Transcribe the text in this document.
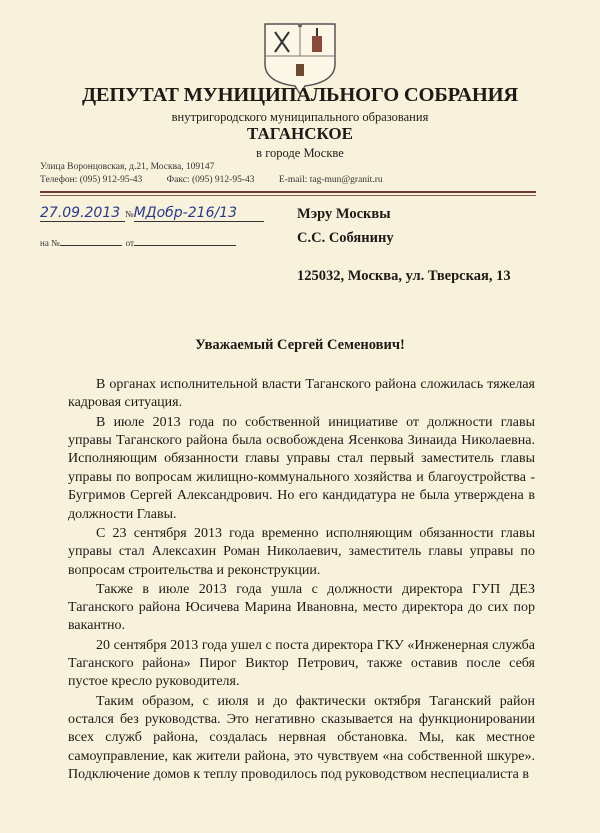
ДЕПУТАТ МУНИЦИПАЛЬНОГО СОБРАНИЯ
внутригородского муниципального образования
ТАГАНСКОЕ
в городе Москве
Улица Воронцовская, д.21, Москва, 109147
Телефон: (095) 912-95-43	Факс: (095) 912-95-43	E-mail: tag-mun@granit.ru
27.09.2013 №МДобр-216/13
на №	от
Мэру Москвы
С.С. Собянину
125032, Москва, ул. Тверская, 13
Уважаемый Сергей Семенович!
В органах исполнительной власти Таганского района сложилась тяжелая
кадровая ситуация.
В июле 2013 года по собственной инициативе от должности главы
управы Таганского района была освобождена Ясенкова Зинаида Николаевна.
Исполняющим обязанности главы управы стал первый заместитель главы
управы по вопросам жилищно-коммунального хозяйства и благоустройства -
Бугримов Сергей Александрович. Но его кандидатура не была утверждена в
должности Главы.
С 23 сентября 2013 года временно исполняющим обязанности главы
управы стал Алексахин Роман Николаевич, заместитель главы управы по
вопросам строительства и реконструкции.
Также в июле 2013 года ушла с должности директора ГУП ДЕЗ
Таганского района Юсичева Марина Ивановна, место директора до сих пор
вакантно.
20 сентября 2013 года ушел с поста директора ГКУ «Инженерная служба
Таганского района» Пирог Виктор Петрович, также оставив после себя
пустое кресло руководителя.
Таким образом, с июля и до фактически октября Таганский район
остался без руководства. Это негативно сказывается на функционировании
всех служб района, создалась нервная обстановка. Мы, как местное
самоуправление, как жители района, это чувствуем «на собственной шкуре».
Подключение домов к теплу проводилось под руководством неспециалиста в
